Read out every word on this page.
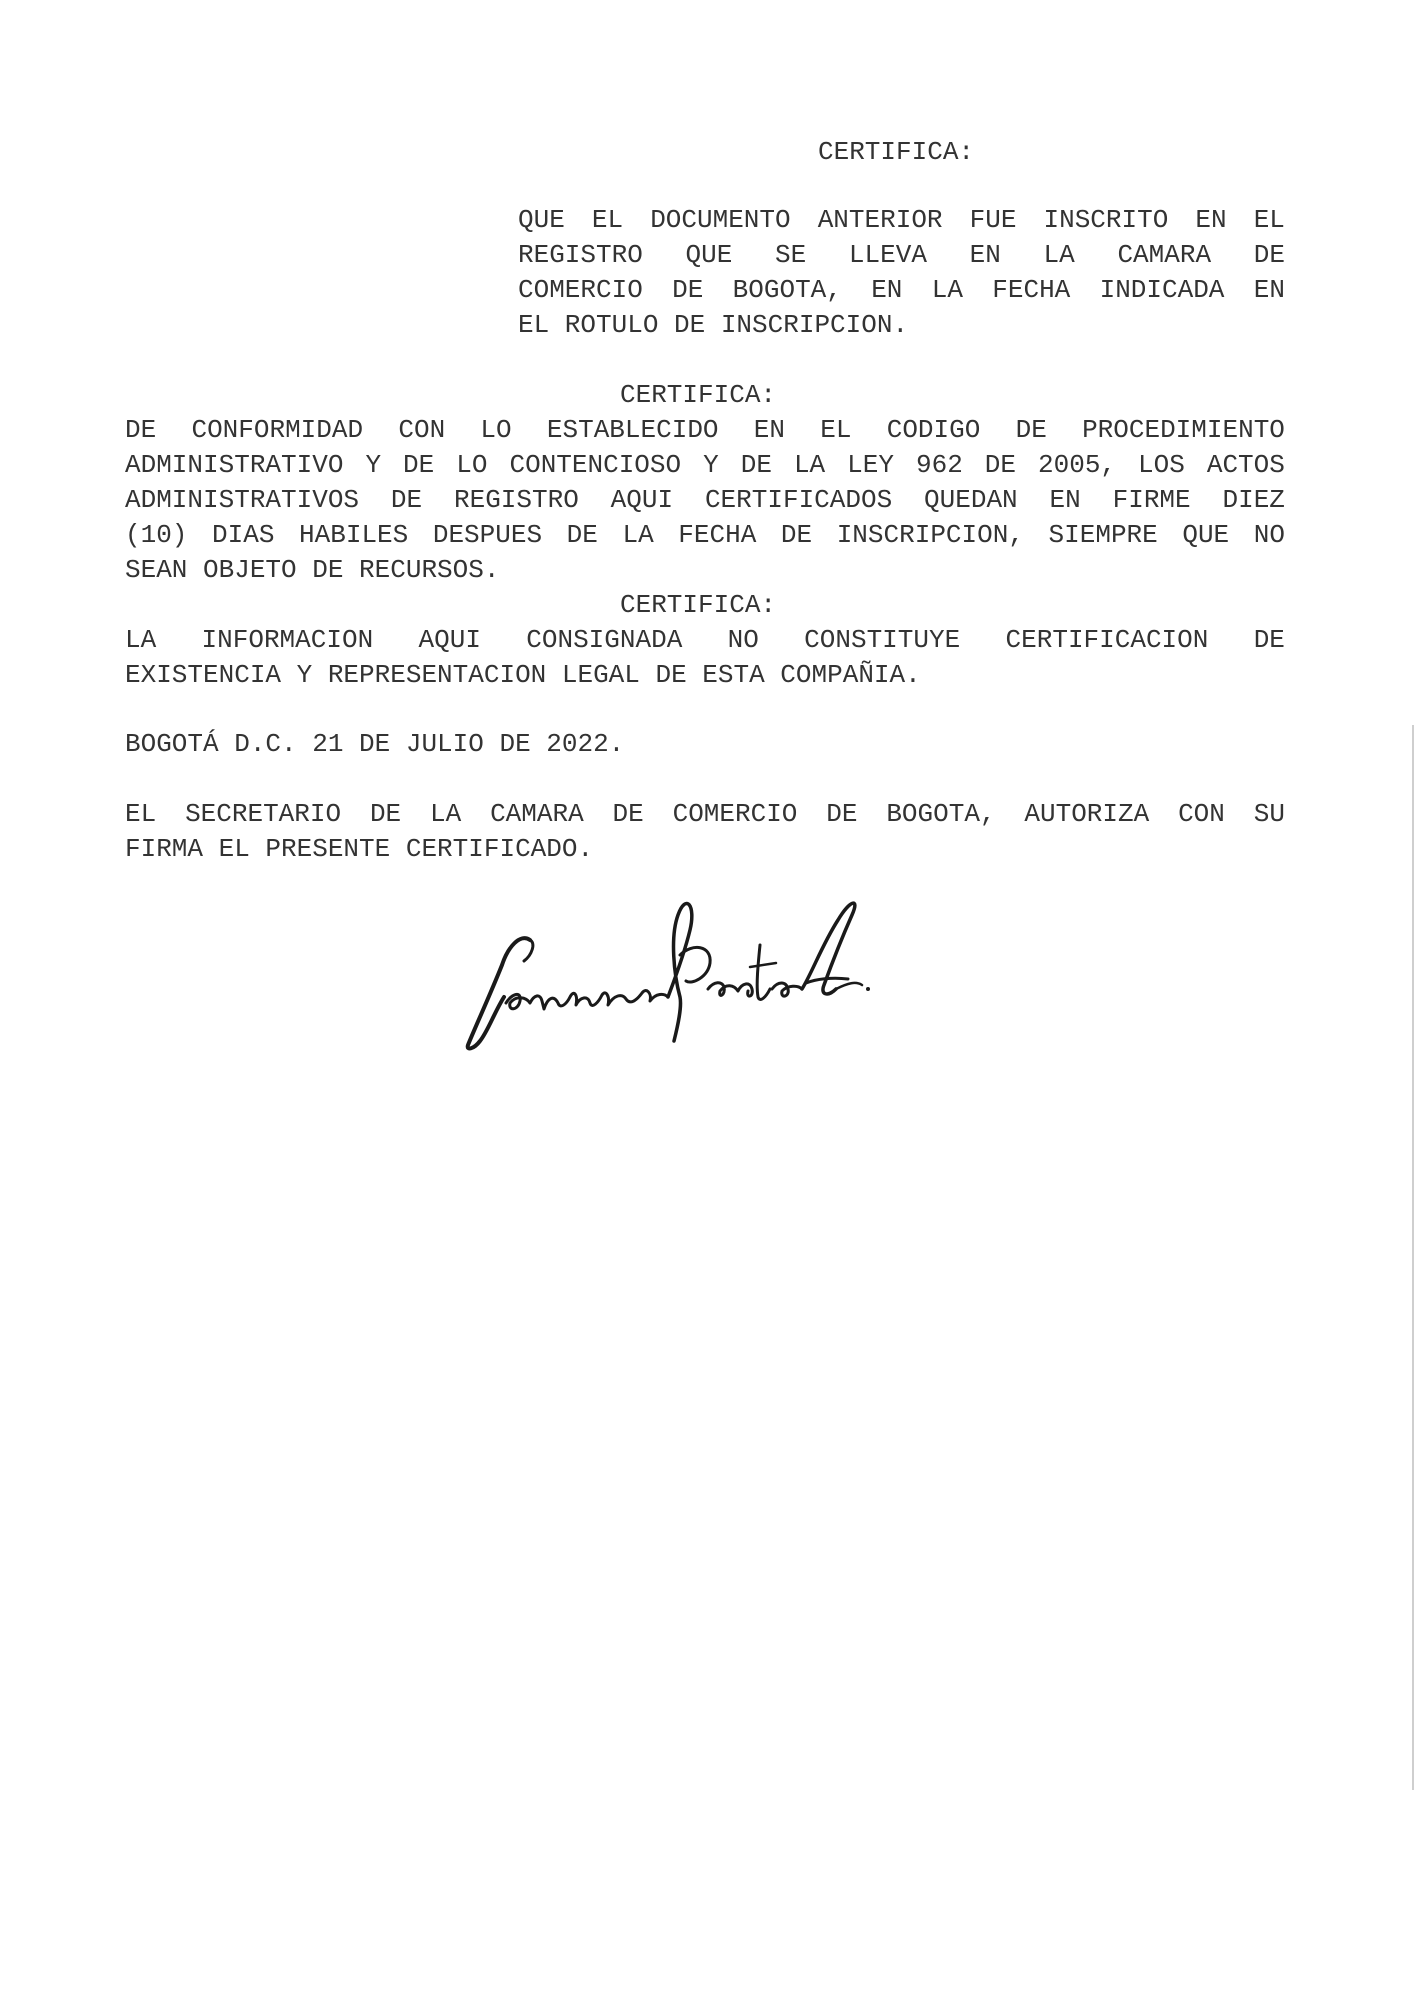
CERTIFICA:
QUE EL DOCUMENTO ANTERIOR FUE INSCRITO EN EL
REGISTRO QUE SE LLEVA EN LA CAMARA DE
COMERCIO DE BOGOTA, EN LA FECHA INDICADA EN
EL ROTULO DE INSCRIPCION.
CERTIFICA:
DE CONFORMIDAD CON LO ESTABLECIDO EN EL CODIGO DE PROCEDIMIENTO
ADMINISTRATIVO Y DE LO CONTENCIOSO Y DE LA LEY 962 DE 2005, LOS ACTOS
ADMINISTRATIVOS DE REGISTRO AQUI CERTIFICADOS QUEDAN EN FIRME DIEZ
(10) DIAS HABILES DESPUES DE LA FECHA DE INSCRIPCION, SIEMPRE QUE NO
SEAN OBJETO DE RECURSOS.
CERTIFICA:
LA INFORMACION AQUI CONSIGNADA NO CONSTITUYE CERTIFICACION DE
EXISTENCIA Y REPRESENTACION LEGAL DE ESTA COMPAÑIA.
BOGOTÁ D.C. 21 DE JULIO DE 2022.
EL SECRETARIO DE LA CAMARA DE COMERCIO DE BOGOTA, AUTORIZA CON SU
FIRMA EL PRESENTE CERTIFICADO.
